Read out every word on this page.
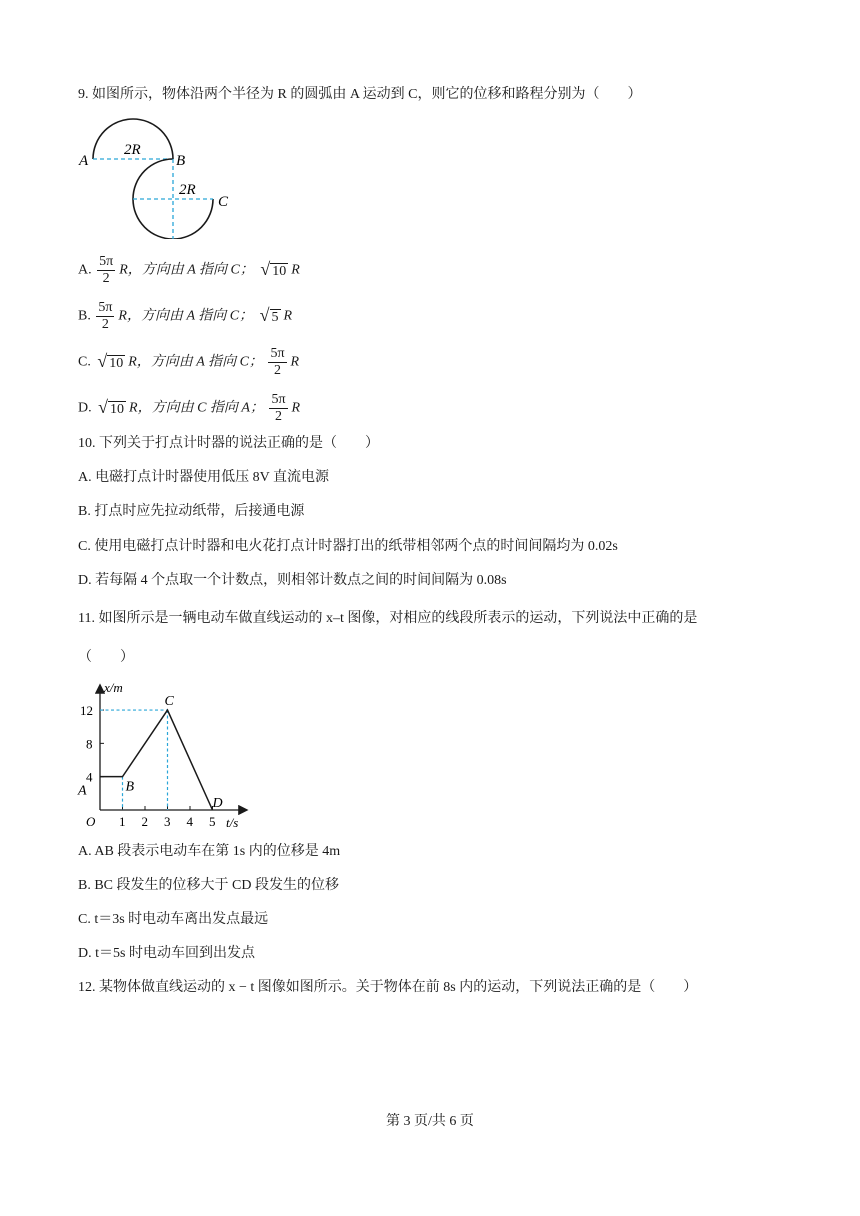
9. 如图所示，物体沿两个半径为 R 的圆弧由 A 运动到 C，则它的位移和路程分别为（　　）
2R
2R
A	B
C
A. $\frac{5\pi}{2}$ R，方向由 A 指向 C； √ 10 R
B. $\frac{5\pi}{2}$ R，方向由 A 指向 C； √ 5 R
C. √ 10 R，方向由 A 指向 C； $\frac{5\pi}{2}$ R
D. √ 10 R，方向由 C 指向 A； $\frac{5\pi}{2}$ R
10. 下列关于打点计时器的说法正确的是（　　）
A. 电磁打点计时器使用低压 8V 直流电源
B. 打点时应先拉动纸带，后接通电源
C. 使用电磁打点计时器和电火花打点计时器打出的纸带相邻两个点的时间间隔均为 0.02s
D. 若每隔 4 个点取一个计数点，则相邻计数点之间的时间间隔为 0.08s
11. 如图所示是一辆电动车做直线运动的 x–t 图像，对相应的线段所表示的运动，下列说法中正确的是
（　　）
x/m
t/s
O 1 2 3 4 5
4
8
12
A	B
C
D
A. AB 段表示电动车在第 1s 内的位移是 4m
B. BC 段发生的位移大于 CD 段发生的位移
C. t＝3s 时电动车离出发点最远
D. t＝5s 时电动车回到出发点
12. 某物体做直线运动的 x − t 图像如图所示。关于物体在前 8s 内的运动，下列说法正确的是（　　）
第 3 页/共 6 页
